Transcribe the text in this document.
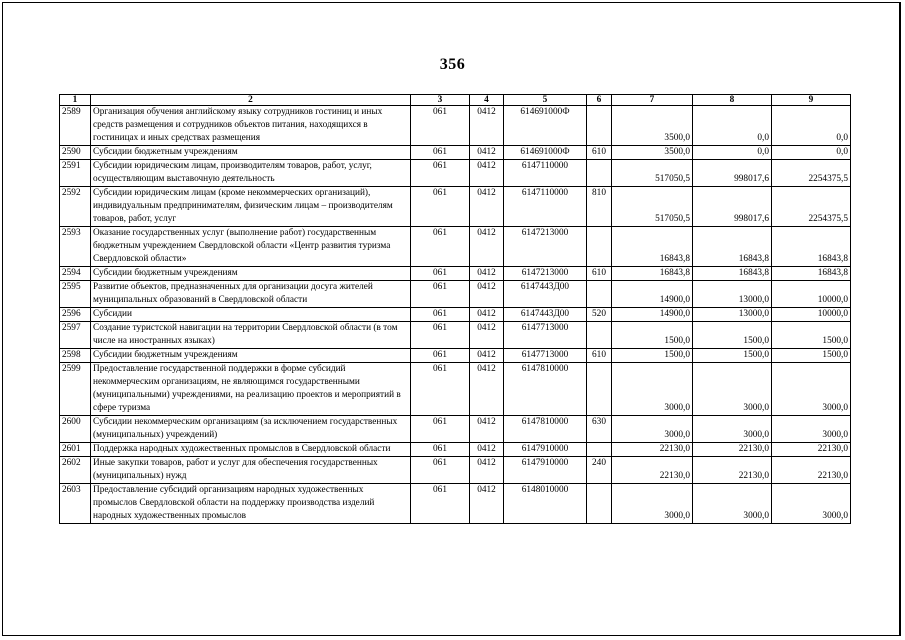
356
1	2	3	4	5	6	7	8	9
2589	Организация обучения английскому языку сотрудников гостиниц и иных средств размещения и сотрудников объектов питания, находящихся в гостиницах и иных средствах размещения	061	0412	614691000Ф		3500,0	0,0	0,0
2590	Субсидии бюджетным учреждениям	061	0412	614691000Ф	610	3500,0	0,0	0,0
2591	Субсидии юридическим лицам, производителям товаров, работ, услуг, осуществляющим выставочную деятельность	061	0412	6147110000		517050,5	998017,6	2254375,5
2592	Субсидии юридическим лицам (кроме некоммерческих организаций), индивидуальным предпринимателям, физическим лицам – производителям товаров, работ, услуг	061	0412	6147110000	810	517050,5	998017,6	2254375,5
2593	Оказание государственных услуг (выполнение работ) государственным бюджетным учреждением Свердловской области «Центр развития туризма Свердловской области»	061	0412	6147213000		16843,8	16843,8	16843,8
2594	Субсидии бюджетным учреждениям	061	0412	6147213000	610	16843,8	16843,8	16843,8
2595	Развитие объектов, предназначенных для организации досуга жителей муниципальных образований в Свердловской области	061	0412	6147443Д00		14900,0	13000,0	10000,0
2596	Субсидии	061	0412	6147443Д00	520	14900,0	13000,0	10000,0
2597	Создание туристской навигации на территории Свердловской области (в том числе на иностранных языках)	061	0412	6147713000		1500,0	1500,0	1500,0
2598	Субсидии бюджетным учреждениям	061	0412	6147713000	610	1500,0	1500,0	1500,0
2599	Предоставление государственной поддержки в форме субсидий некоммерческим организациям, не являющимся государственными (муниципальными) учреждениями, на реализацию проектов и мероприятий в сфере туризма	061	0412	6147810000		3000,0	3000,0	3000,0
2600	Субсидии некоммерческим организациям (за исключением государственных (муниципальных) учреждений)	061	0412	6147810000	630	3000,0	3000,0	3000,0
2601	Поддержка народных художественных промыслов в Свердловской области	061	0412	6147910000		22130,0	22130,0	22130,0
2602	Иные закупки товаров, работ и услуг для обеспечения государственных (муниципальных) нужд	061	0412	6147910000	240	22130,0	22130,0	22130,0
2603	Предоставление субсидий организациям народных художественных промыслов Свердловской области на поддержку производства изделий народных художественных промыслов	061	0412	6148010000		3000,0	3000,0	3000,0
